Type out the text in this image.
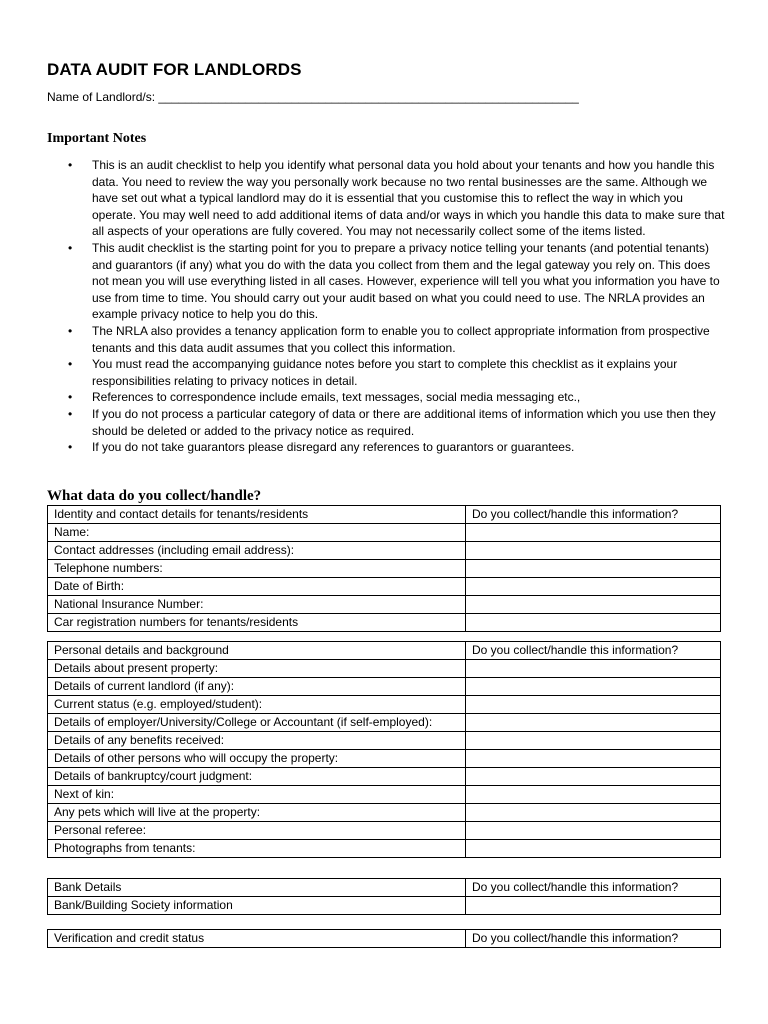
DATA AUDIT FOR LANDLORDS
Name of Landlord/s: _______________________________________________________________
Important Notes
• This is an audit checklist to help you identify what personal data you hold about your tenants and how you handle this data. You need to review the way you personally work because no two rental businesses are the same. Although we have set out what a typical landlord may do it is essential that you customise this to reflect the way in which you operate. You may well need to add additional items of data and/or ways in which you handle this data to make sure that all aspects of your operations are fully covered. You may not necessarily collect some of the items listed.
• This audit checklist is the starting point for you to prepare a privacy notice telling your tenants (and potential tenants) and guarantors (if any) what you do with the data you collect from them and the legal gateway you rely on. This does not mean you will use everything listed in all cases. However, experience will tell you what you information you have to use from time to time. You should carry out your audit based on what you could need to use. The NRLA provides an example privacy notice to help you do this.
• The NRLA also provides a tenancy application form to enable you to collect appropriate information from prospective tenants and this data audit assumes that you collect this information.
• You must read the accompanying guidance notes before you start to complete this checklist as it explains your responsibilities relating to privacy notices in detail.
• References to correspondence include emails, text messages, social media messaging etc.,
• If you do not process a particular category of data or there are additional items of information which you use then they should be deleted or added to the privacy notice as required.
• If you do not take guarantors please disregard any references to guarantors or guarantees.
What data do you collect/handle?
Identity and contact details for tenants/residents	Do you collect/handle this information?
Name:	
Contact addresses (including email address):	
Telephone numbers:	
Date of Birth:	
National Insurance Number:	
Car registration numbers for tenants/residents	
Personal details and background	Do you collect/handle this information?
Details about present property:	
Details of current landlord (if any):	
Current status (e.g. employed/student):	
Details of employer/University/College or Accountant (if self-employed):	
Details of any benefits received:	
Details of other persons who will occupy the property:	
Details of bankruptcy/court judgment:	
Next of kin:	
Any pets which will live at the property:	
Personal referee:	
Photographs from tenants:	
Bank Details	Do you collect/handle this information?
Bank/Building Society information	
Verification and credit status	Do you collect/handle this information?
